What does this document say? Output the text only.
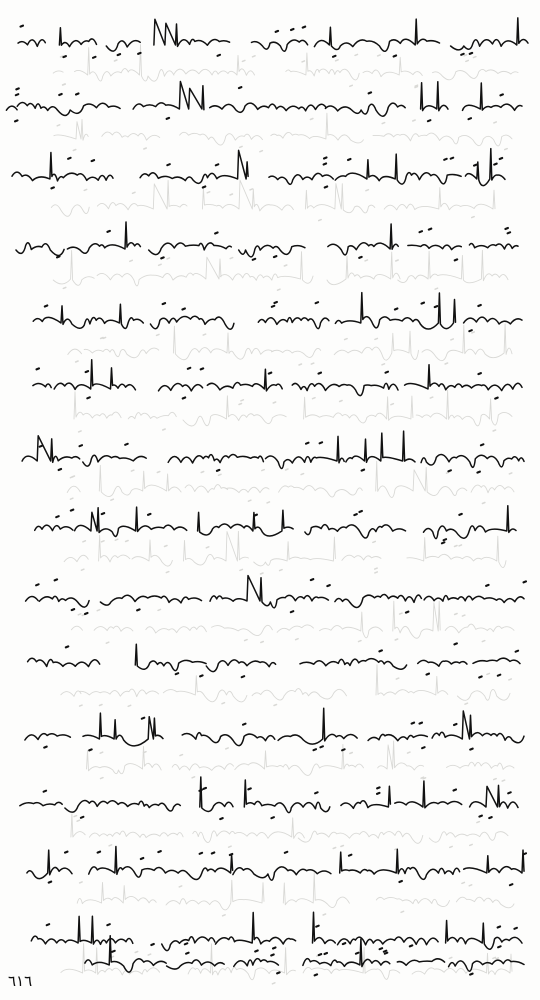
٦١٦
